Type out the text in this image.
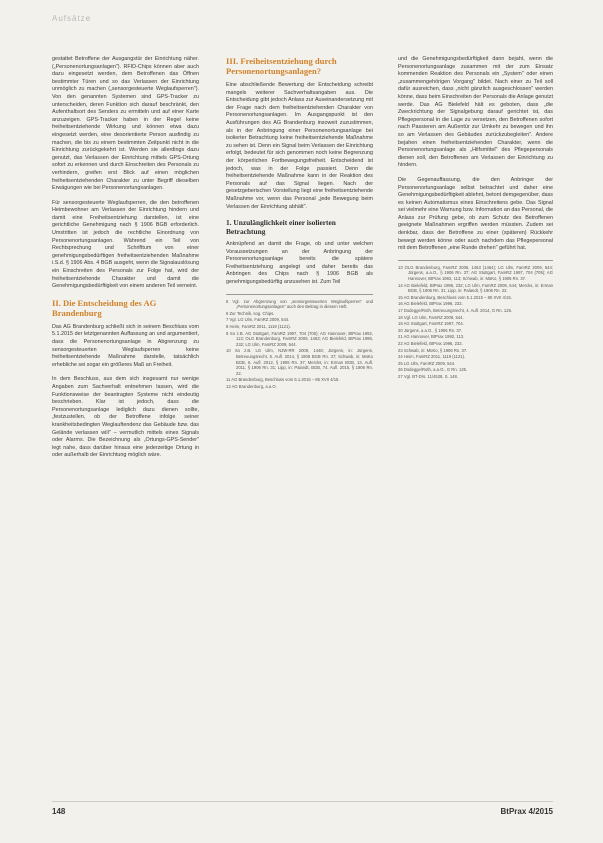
Aufsätze

gestattet Betroffene der Ausgangstür der Einrichtung näher. („Personenortungsanlagen"). RFID-Chips können aber auch dazu eingesetzt werden, dem Betroffenen das Öffnen bestimmter Türen und so das Verlassen der Einrichtung unmöglich zu machen („sensorgesteuerte Weglaufsperren"). Von den genannten Systemen sind GPS-Tracker zu unterscheiden, deren Funktion sich darauf beschränkt, den Aufenthaltsort des Senders zu ermitteln und auf einer Karte anzuzeigen. GPS-Tracker haben in der Regel keine freiheitsentziehende Wirkung und können etwa dazu eingesetzt werden, eine desorientierte Person ausfindig zu machen, die bis zu einem bestimmten Zeitpunkt nicht in die Einrichtung zurückgekehrt ist. Werden sie allerdings dazu genutzt, das Verlassen der Einrichtung mittels GPS-Ortung sofort zu erkennen und durch Einschreiten des Personals zu verhindern, greifen erst Blick auf einen möglichen freiheitsentziehenden Charakter zu unter Begriff dieselben Erwägungen wie bei Personenortungsanlagen.

Für sensorgesteuerte Weglaufsperren, die den betroffenen Heimbewohner am Verlassen der Einrichtung hindern und damit eine Freiheitsentziehung darstellen, ist eine gerichtliche Genehmigung nach § 1906 BGB erforderlich. Umstritten ist jedoch die rechtliche Einordnung von Personenortungsanlagen. Während ein Teil von Rechtsprechung und Schrifttum von einer genehmigungsbedürftigen freiheitsentziehenden Maßnahme i.S.d. § 1906 Abs. 4 BGB ausgeht, wenn die Signalauslösung ein Einschreiten des Personals zur Folge hat, wird der freiheitsentziehende Charakter und damit die Genehmigungsbedürftigkeit von einem anderen Teil verneint.

II. Die Entscheidung des AG Brandenburg

Das AG Brandenburg schließt sich in seinem Beschluss vom 5.1.2015 der letztgenannten Auffassung an und argumentiert, dass die Personenortungsanlage in Abgrenzung zu sensorgesteuerten Weglaufsperren keine freiheitsentziehende Maßnahme darstelle, tatsächlich erhebliche sei sogar ein größeres Maß an Freiheit.

In dem Beschluss, aus dem sich insgesamt nur wenige Angaben zum Sachverhalt entnehmen lassen, wird die Funktionsweise der beantragten Systeme nicht eindeutig beschrieben. Klar ist jedoch, dass die Personenortungsanlage lediglich dazu dienen sollte, „festzustellen, ob der Betroffene infolge seiner krankheitsbedingten Weglauftendenz das Gebäude bzw. das Gelände verlassen will" – vermutlich mittels eines Signals oder Alarms. Die Bezeichnung als „Ortungs-GPS-Sender" legt nahe, dass darüber hinaus eine jederzeitige Ortung in oder außerhalb der Einrichtung möglich wäre.

III. Freiheitsentziehung durch Personenortungsanlagen?

Eine abschließende Bewertung der Entscheidung schreibt mangels weiterer Sachverhaltsangaben aus. Die Entscheidung gibt jedoch Anlass zur Auseinandersetzung mit der Frage nach dem freiheitsentziehenden Charakter von Personenortungsanlagen. Im Ausgangspunkt ist den Ausführungen des AG Brandenburg insoweit zuzustimmen, als in der Anbringung einer Personenortungsanlage bei isolierter Betrachtung keine freiheitsentziehende Maßnahme zu sehen ist. Denn ein Signal beim Verlassen der Einrichtung erfolgt, bedeutet für sich genommen noch keine Begrenzung der körperlichen Fortbewegungsfreiheit. Entscheidend ist jedoch, was in der Folge passiert. Denn die freiheitsentziehende Maßnahme kann in der Reaktion des Personals auf das Signal liegen. Nach der gesetzgeberischen Vorstellung liegt eine freiheitsentziehende Maßnahme vor, wenn das Personal „jede Bewegung beim Verlassen der Einrichtung abhält".

1. Unzulänglichkeit einer isolierten Betrachtung

Anknüpfend an damit die Frage, ob und unter welchen Voraussetzungen an der Anbringung der Personenortungsanlage bereits die spätere Freiheitsentziehung angelegt und daher bereits das Anbringen des Chips nach § 1906 BGB als genehmigungsbedürftig anzusehen ist. Zum Teil

5 Vgl. zur Abgrenzung von „sensorgesteuerten Weglaufsperren" und „Personenortungsanlagen" auch den Beitrag in diesem Heft.

6 Zur Technik, sog. Chips.

7 Vgl. LG Ulm, FamRZ 2009, 544.

8 Heim, FamRZ 2011, 1119 (1121).

9 So z.B. AG Stuttgart, FamRZ 1997, 704 (705); AG Hannover, BtPrax 1992, 113; OLG Brandenburg, FamRZ 2006, 1463; AG Bielefeld, BtPrax 1996, 232; LG Ulm, FamRZ 2009, 544.

10 So z.B. LG Ulm, NJW-RR 2009, 1448; Jürgens, in: Jürgens, Betreuungsrecht, 5. Aufl. 2014, § 1906 BGB Rn. 37; Schwab, in: MüKo BGB, 6. Aufl. 2012, § 1906 Rn. 37; Mercks, in: Erman BGB, 13. Aufl. 2011, § 1906 Rn. 31; Lipp, in: Palandt, BGB, 74. Aufl. 2015, § 1906 Rn. 22.

11 AG Brandenburg, Beschluss vom 5.1.2015 – 85 XVII 4/15.

12 AG Brandenburg, a.a.O.

und die Genehmigungsbedürftigkeit dann bejaht, wenn die Personenortungsanlage zusammen mit der zum Einsatz kommenden Reaktion des Personals ein „System" oder einen „zusammengehörigen Vorgang" bildet. Nach einer zu Teil soll dafür ausreichen, dass „nicht gänzlich ausgeschlossen" werden könne, dass beim Einschreiten der Personals die Anlage genutzt werde. Das AG Bielefeld hält es geboten, dass „die Zweckrichtung der Signalgebung darauf gerichtet ist, das Pflegepersonal in die Lage zu versetzen, den Betroffenen sofort nach Passieren am Außentür zur Umkehr zu bewegen und ihn so am Verlassen des Gebäudes zurückzubegleiten". Andere bejahen einen freiheitsentziehenden Charakter, wenn die Personenortungsanlage als „Hilfsmittel" des Pflegepersonals dienen soll, den Betroffenen am Verlassen der Einrichtung zu hindern.

Die Gegenauffassung, die den Anbringer der Personenortungsanlage selbst betrachtet und daher eine Genehmigungsbedürftigkeit ablehnt, betont demgegenüber, dass es keinen Automatismus eines Einschreitens gebe. Das Signal sei vielmehr eine Warnung bzw. Information an das Personal, die Anlass zur Prüfung gebe, ob zum Schutz des Betroffenen geeignete Maßnahmen ergriffen werden müssten. Zudem sei denkbar, dass der Betroffene zu einer (späteren) Rückkehr bewegt werden könne oder auch nachdem das Pflegepersonal mit dem Betroffenen „eine Runde drehen" geführt hat.

13 OLG Brandenburg, FamRZ 2006, 1463 (1464); LG Ulm, FamRZ 2009, 544; Jürgens, a.a.O., § 1906 Rn. 37; AG Stuttgart, FamRZ 1997, 704 (705); AG Hannover, BtPrax 1992, 113; Schwab, in: MüKo, § 1906 Rn. 37.

14 AG Bielefeld, BtPrax 1996, 232; LG Ulm, FamRZ 2009, 544; Mercks, in: Erman BGB, § 1906 Rn. 31; Lipp, in: Palandt, § 1906 Rn. 22.

15 AG Brandenburg, Beschluss vom 5.1.2015 – 85 XVII 4/15.

16 AG Bielefeld, BtPrax 1996, 232.

17 Dodegge/Roth, Betreuungsrecht, 4. Aufl. 2014, G Rn. 125.

18 Vgl. LG Ulm, FamRZ 2009, 544.

19 AG Stuttgart, FamRZ 1997, 704.

20 Jürgens, a.a.O., § 1906 Rn. 37.

21 AG Hannover, BtPrax 1992, 113.

22 AG Bielefeld, BtPrax 1996, 232.

23 Schwab, in: MüKo, § 1906 Rn. 37.

24 Heim, FamRZ 2011, 1119 (1121).

25 LG Ulm, FamRZ 2009, 544.

26 Dodegge/Roth, a.a.O., G Rn. 125.

27 Vgl. BT-Drs. 11/4528, S. 148.

148	BtPrax 4/2015
